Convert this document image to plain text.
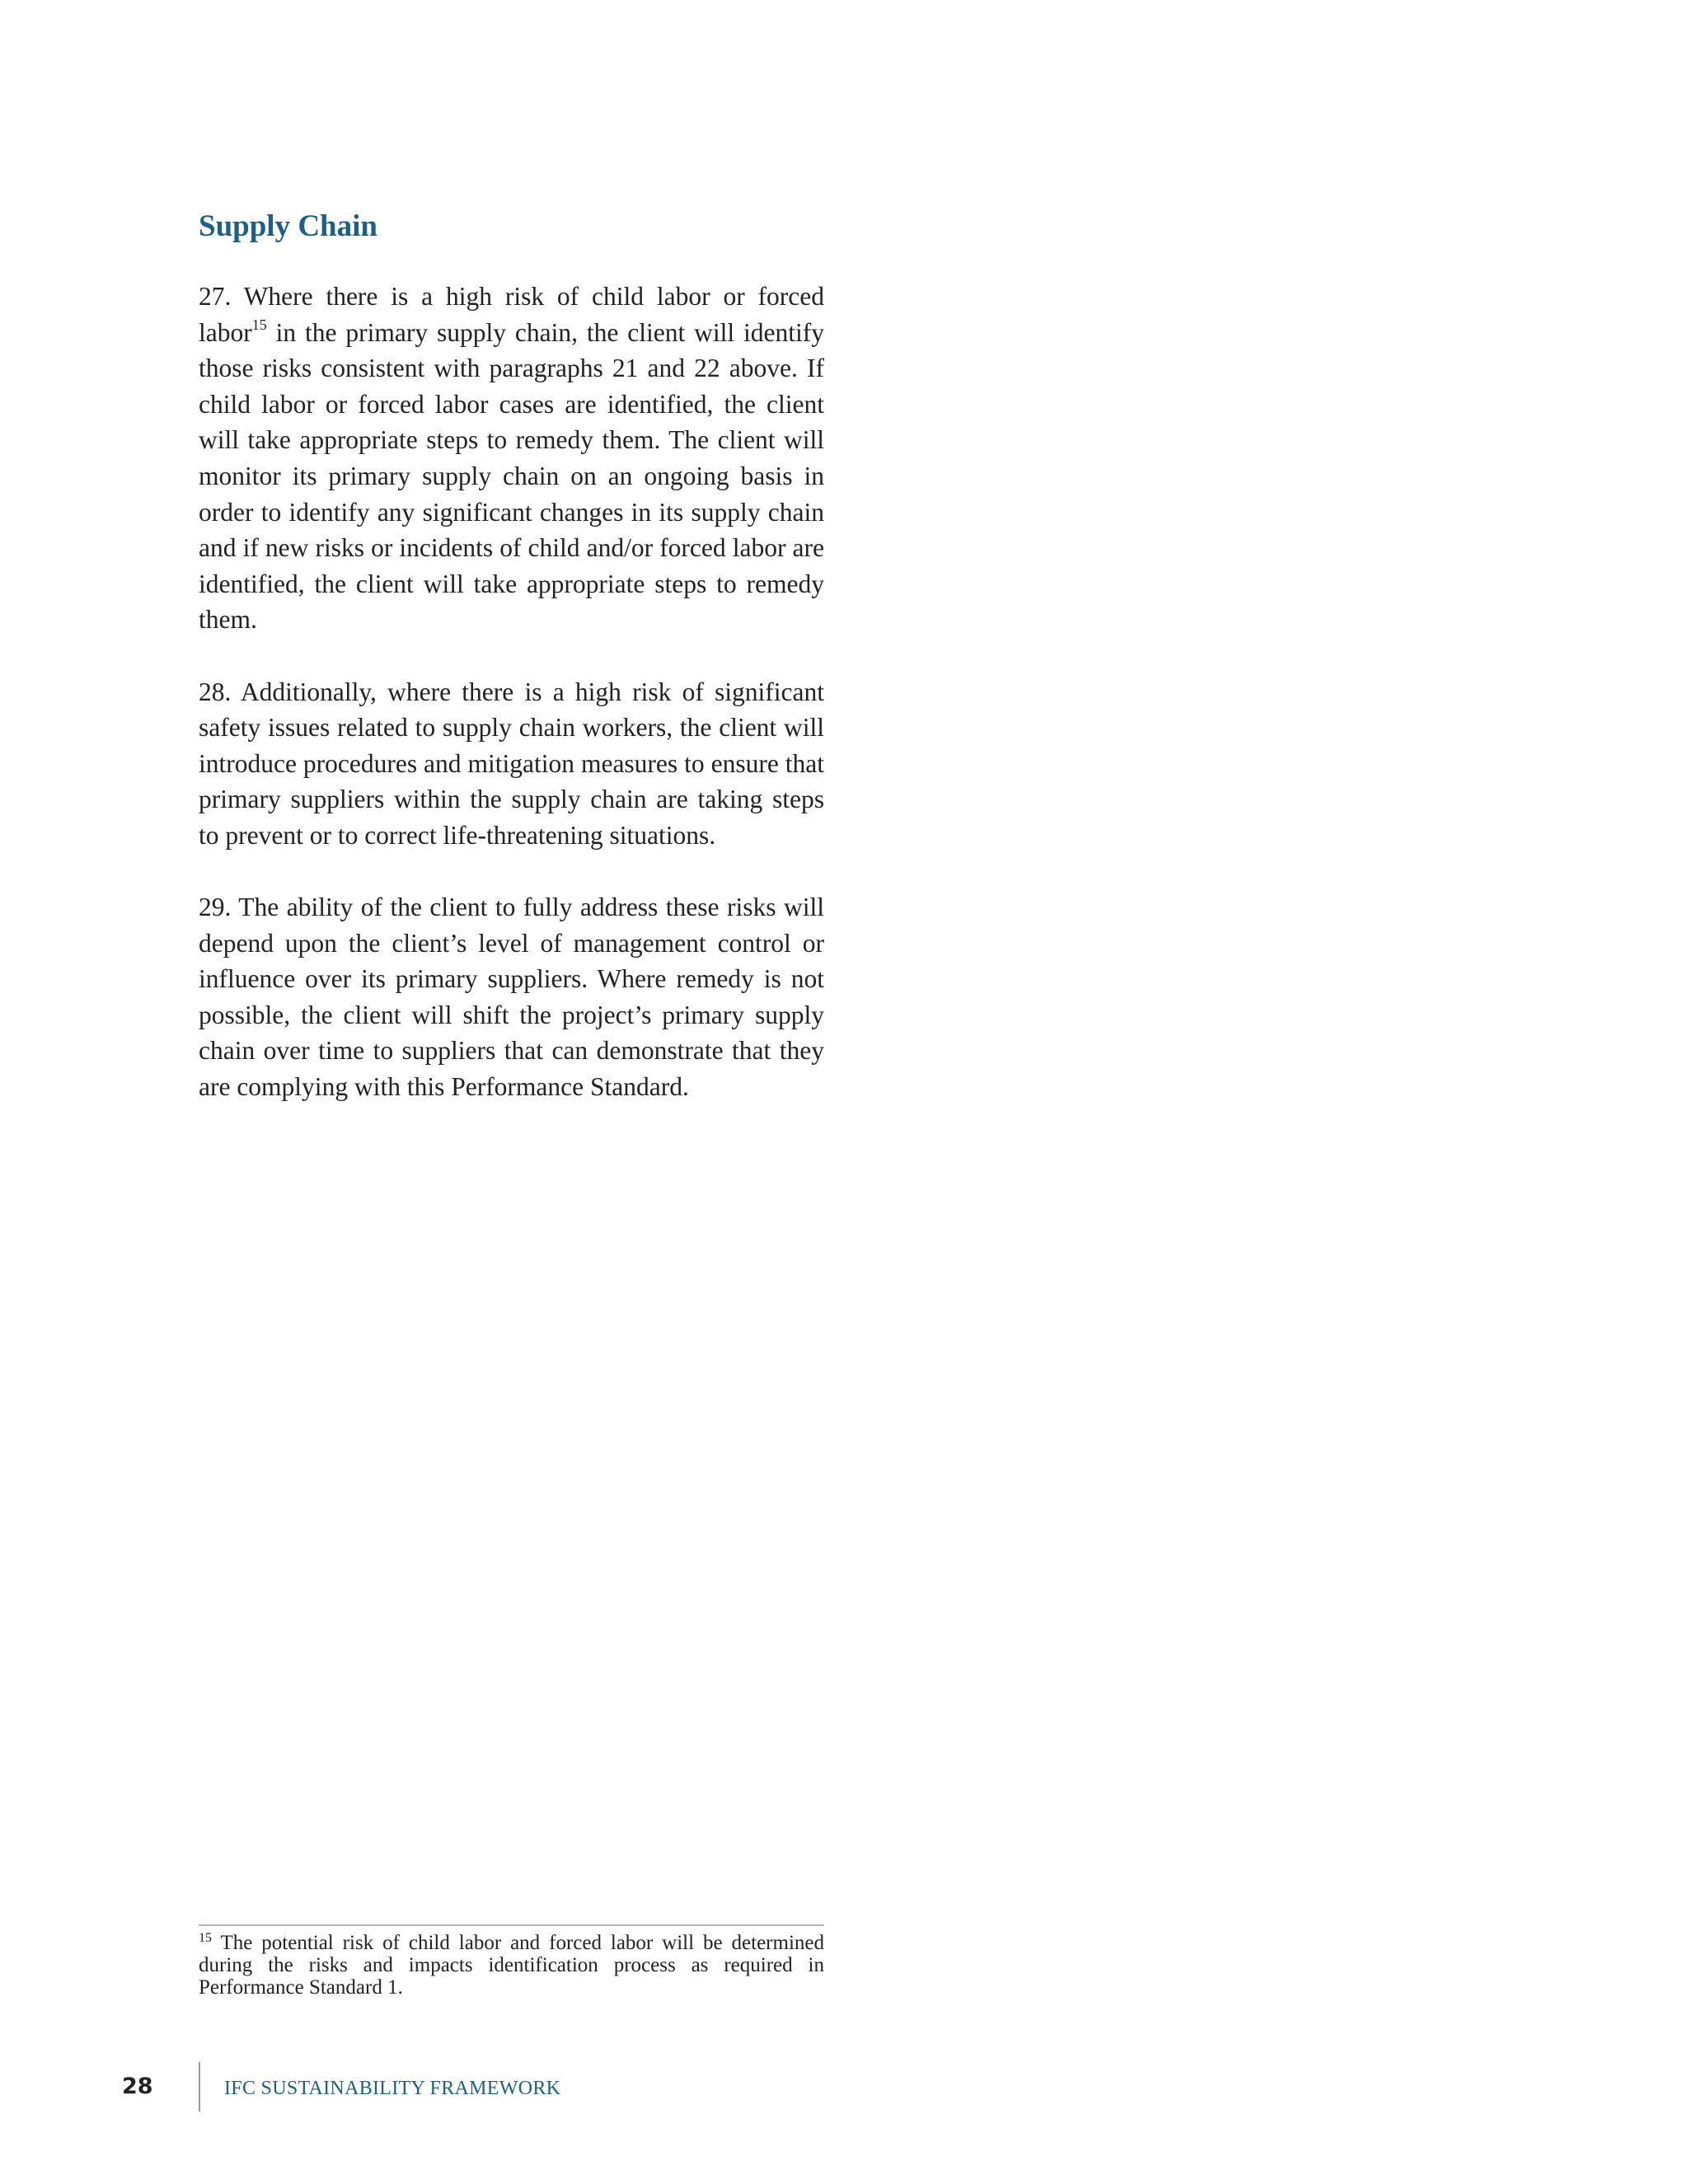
Supply Chain

27. Where there is a high risk of child labor or forced labor$^{15}$ in the primary supply chain, the client will identify those risks consistent with paragraphs 21 and 22 above. If child labor or forced labor cases are identified, the client will take appropriate steps to remedy them. The client will monitor its primary supply chain on an ongoing basis in order to identify any significant changes in its supply chain and if new risks or incidents of child and/or forced labor are identified, the client will take appropriate steps to remedy them.

28. Additionally, where there is a high risk of significant safety issues related to supply chain workers, the client will introduce procedures and mitigation measures to ensure that primary suppliers within the supply chain are taking steps to prevent or to correct life-threatening situations.

29. The ability of the client to fully address these risks will depend upon the client’s level of management control or influence over its primary suppliers. Where remedy is not possible, the client will shift the project’s primary supply chain over time to suppliers that can demonstrate that they are complying with this Performance Standard.

$^{15}$ The potential risk of child labor and forced labor will be determined during the risks and impacts identification process as required in Performance Standard 1.

28	IFC SUSTAINABILITY FRAMEWORK
